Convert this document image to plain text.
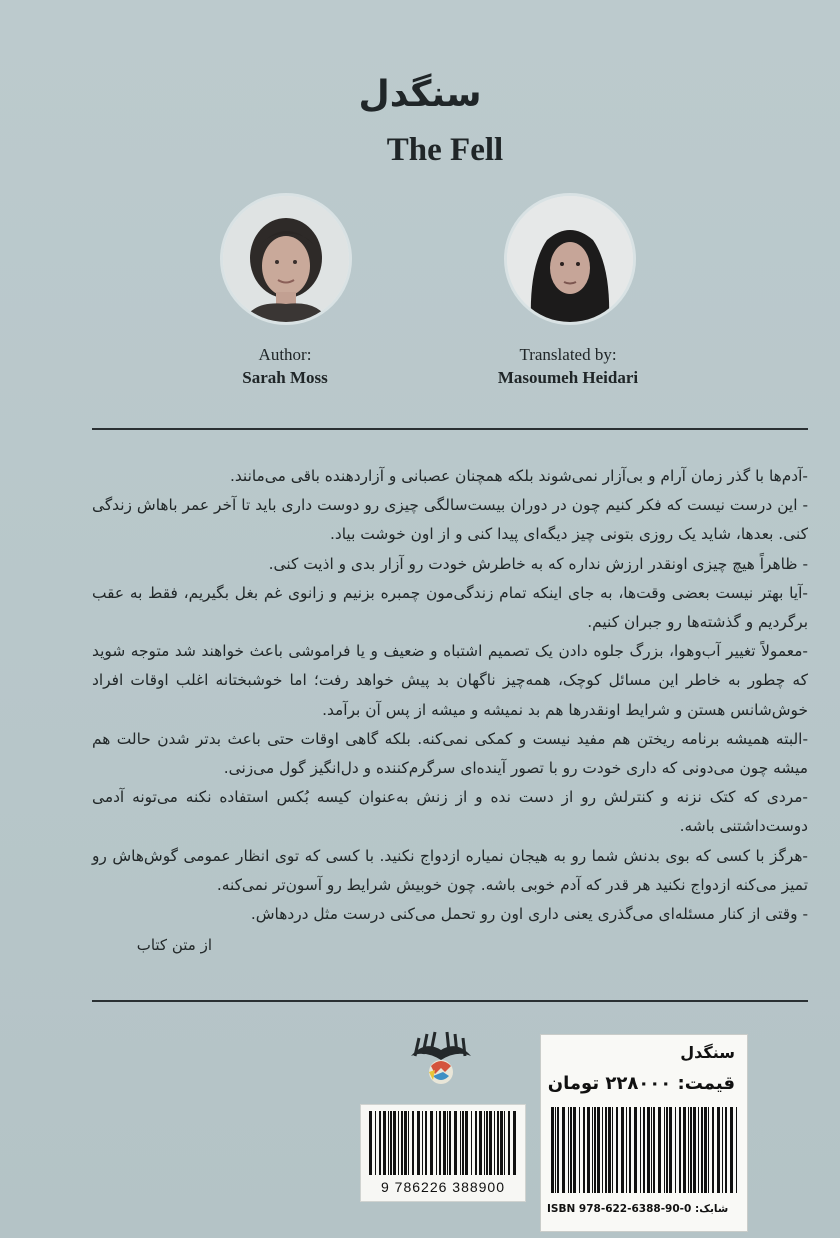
سنگدل
The Fell
Author:
Sarah Moss
Translated by:
Masoumeh Heidari

-آدم‌ها با گذر زمان آرام و بی‌آزار نمی‌شوند بلکه همچنان عصبانی و آزاردهنده باقی می‌مانند.

- این درست نیست که فکر کنیم چون در دوران بیست‌سالگی چیزی رو دوست داری باید تا آخر عمر باهاش زندگی کنی. بعدها، شاید یک روزی بتونی چیز دیگه‌ای پیدا کنی و از اون خوشت بیاد.

- ظاهراً هیچ چیزی اونقدر ارزش نداره که به خاطرش خودت رو آزار بدی و اذیت کنی.

-آیا بهتر نیست بعضی وقت‌ها، به جای اینکه تمام زندگی‌مون چمبره بزنیم و زانوی غم بغل بگیریم، فقط به عقب برگردیم و گذشته‌ها رو جبران کنیم.

-معمولاً تغییر آب‌وهوا، بزرگ جلوه دادن یک تصمیم اشتباه و ضعیف و یا فراموشی باعث خواهند شد متوجه شوید که چطور به خاطر این مسائل کوچک، همه‌چیز ناگهان بد پیش خواهد رفت؛ اما خوشبختانه اغلب اوقات افراد خوش‌شانس هستن و شرایط اونقدرها هم بد نمیشه و میشه از پس آن برآمد.

-البته همیشه برنامه ریختن هم مفید نیست و کمکی نمی‌کنه. بلکه گاهی اوقات حتی باعث بدتر شدن حالت هم میشه چون می‌دونی که داری خودت رو با تصور آینده‌ای سرگرم‌کننده و دل‌انگیز گول می‌زنی.

-مردی که کتک نزنه و کنترلش رو از دست نده و از زنش به‌عنوان کیسه بُکس استفاده نکنه می‌تونه آدمی دوست‌داشتنی باشه.

-هرگز با کسی که بوی بدنش شما رو به هیجان نمیاره ازدواج نکنید. با کسی که توی انظار عمومی گوش‌هاش رو تمیز می‌کنه ازدواج نکنید هر قدر که آدم خوبی باشه. چون خوبیش شرایط رو آسون‌تر نمی‌کنه.

- وقتی از کنار مسئله‌ای می‌گذری یعنی داری اون رو تحمل می‌کنی درست مثل دردهاش.

از متن کتاب
9 786226 388900
سنگدل
قیمت: ۲۲۸۰۰۰ تومان
ISBN 978-622-6388-90-0 :شابک
